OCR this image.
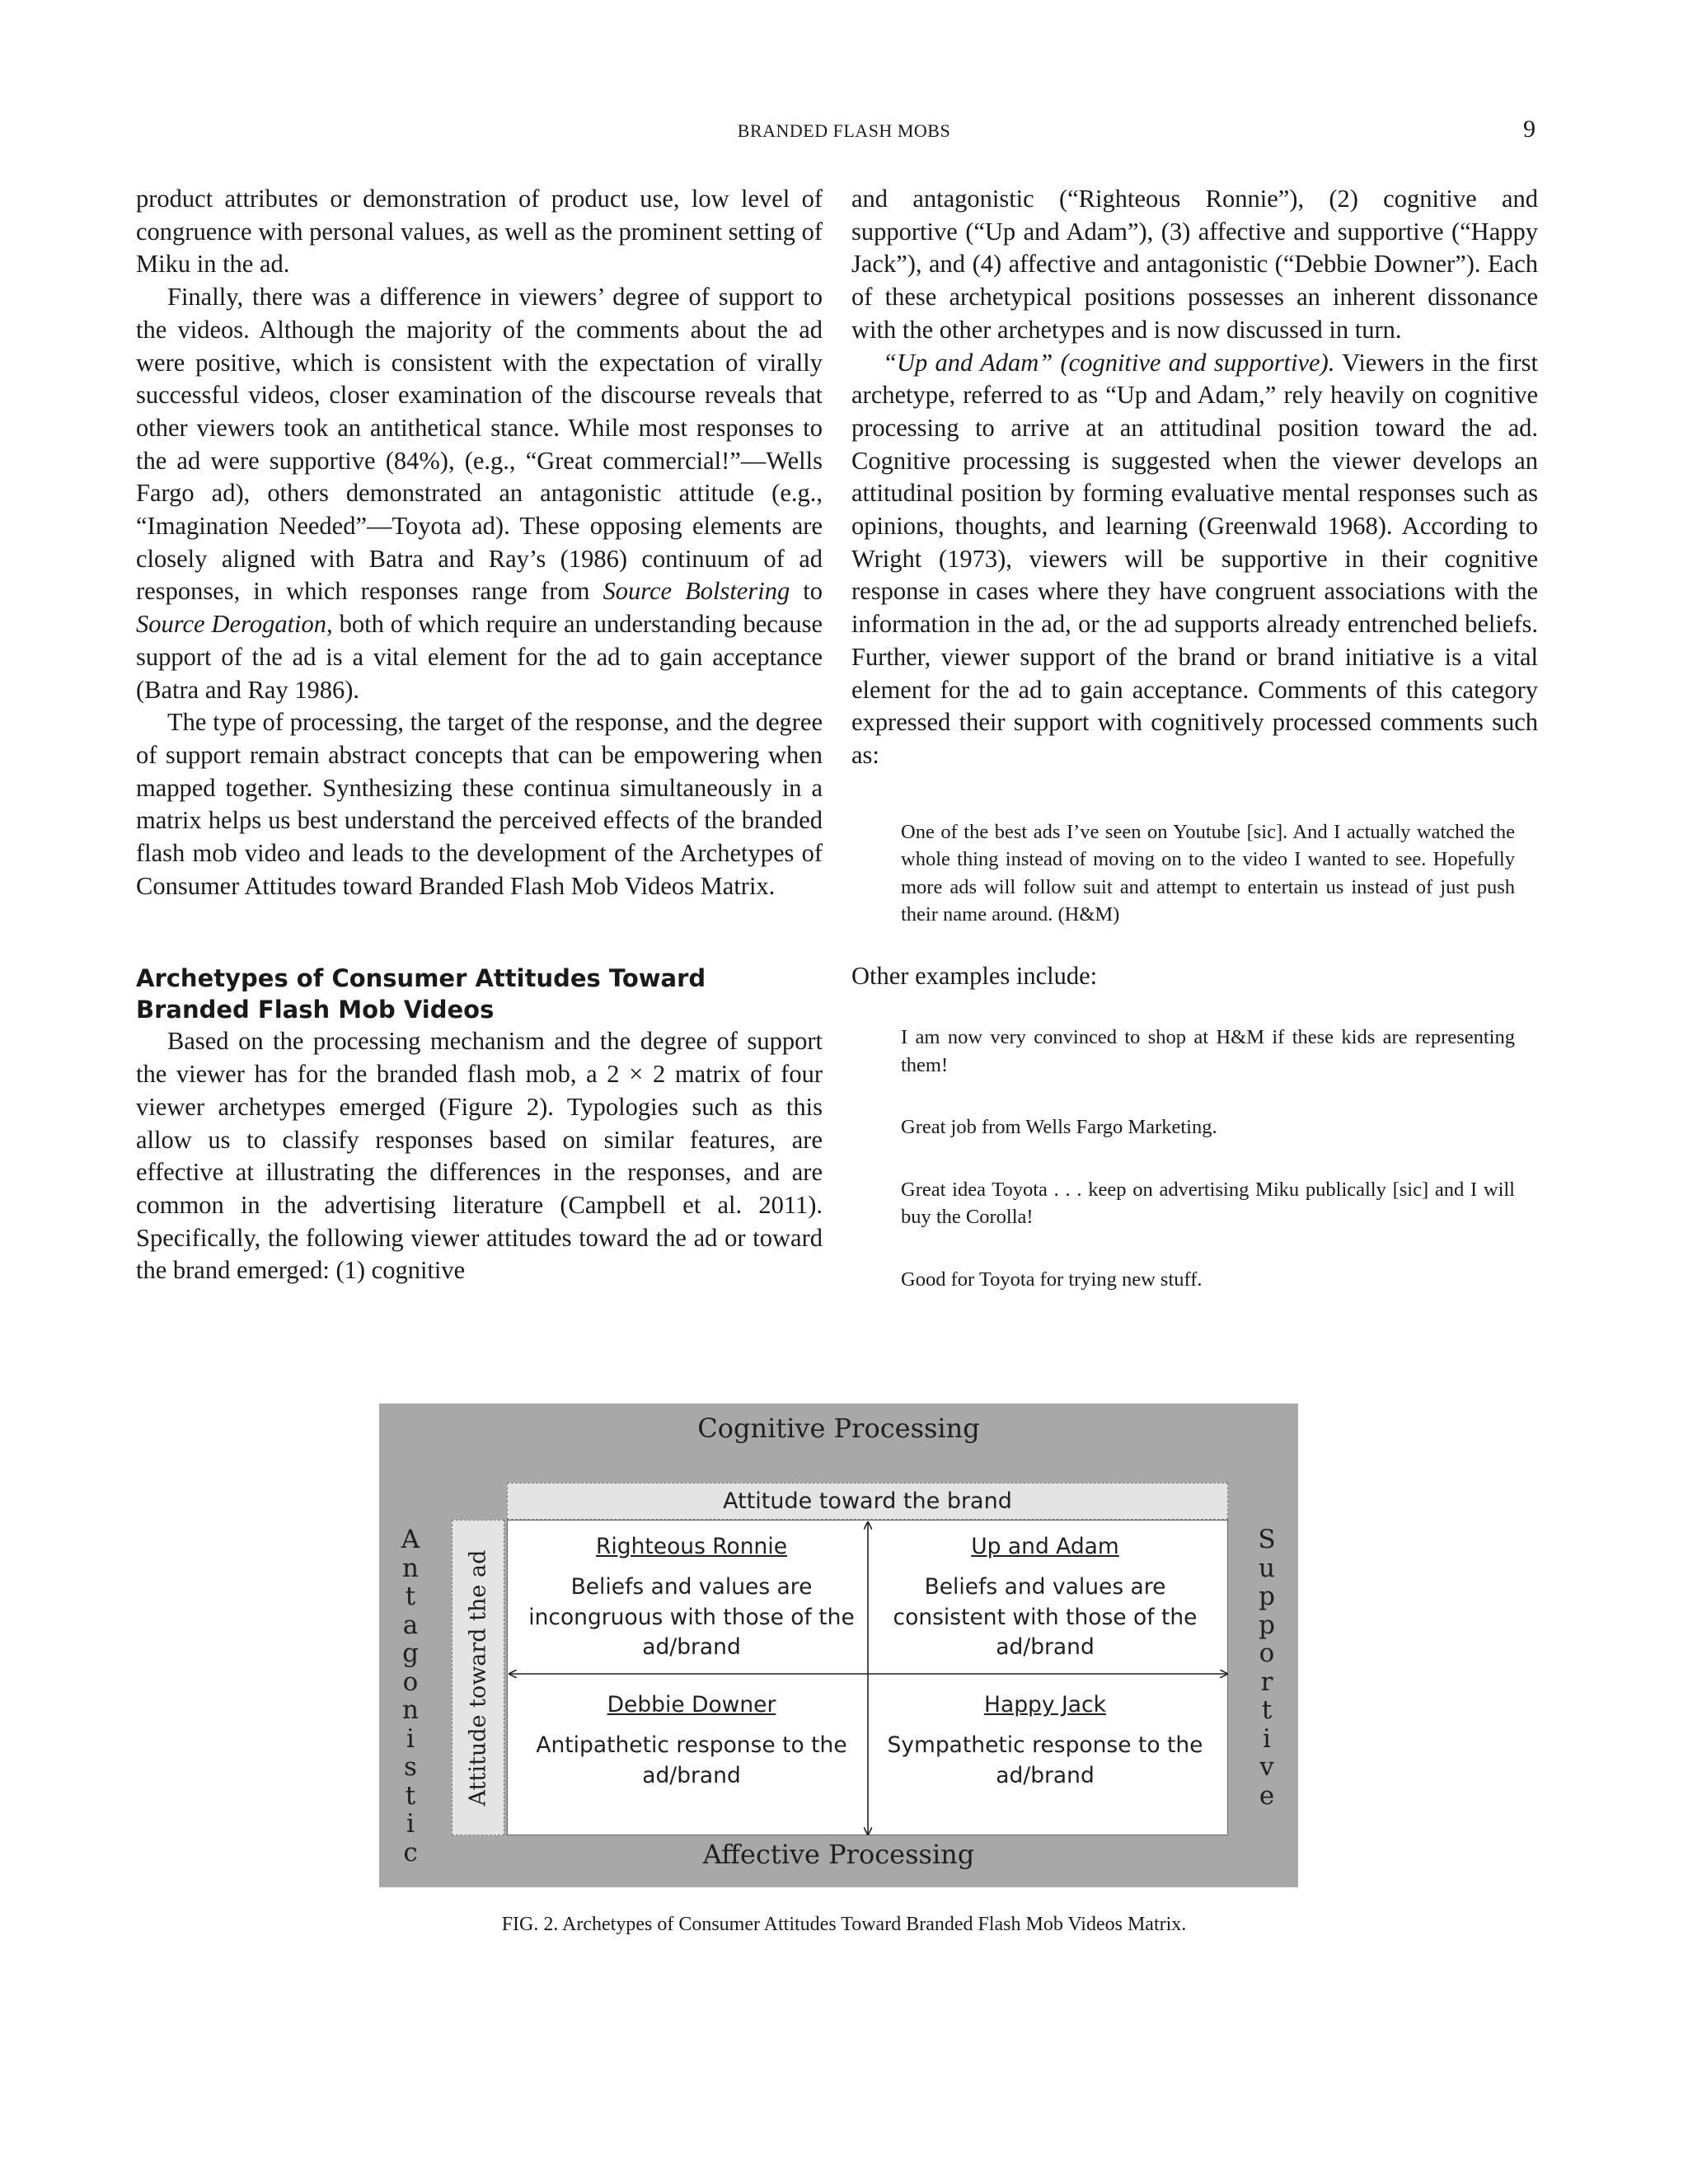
BRANDED FLASH MOBS	9

product attributes or demonstration of product use, low level of congruence with personal values, as well as the prominent setting of Miku in the ad.

Finally, there was a difference in viewers’ degree of support to the videos. Although the majority of the comments about the ad were positive, which is consistent with the expectation of virally successful videos, closer examination of the discourse reveals that other viewers took an antithetical stance. While most responses to the ad were supportive (84%), (e.g., “Great commercial!”—Wells Fargo ad), others demonstrated an antagonistic attitude (e.g., “Imagination Needed”—Toyota ad). These opposing elements are closely aligned with Batra and Ray’s (1986) continuum of ad responses, in which responses range from Source Bolstering to Source Derogation, both of which require an understanding because support of the ad is a vital element for the ad to gain acceptance (Batra and Ray 1986).

The type of processing, the target of the response, and the degree of support remain abstract concepts that can be empowering when mapped together. Synthesizing these continua simultaneously in a matrix helps us best understand the perceived effects of the branded flash mob video and leads to the development of the Archetypes of Consumer Attitudes toward Branded Flash Mob Videos Matrix.

Archetypes of Consumer Attitudes Toward Branded Flash Mob Videos

Based on the processing mechanism and the degree of support the viewer has for the branded flash mob, a 2 × 2 matrix of four viewer archetypes emerged (Figure 2). Typologies such as this allow us to classify responses based on similar features, are effective at illustrating the differences in the responses, and are common in the advertising literature (Campbell et al. 2011). Specifically, the following viewer attitudes toward the ad or toward the brand emerged: (1) cognitive

and antagonistic (“Righteous Ronnie”), (2) cognitive and supportive (“Up and Adam”), (3) affective and supportive (“Happy Jack”), and (4) affective and antagonistic (“Debbie Downer”). Each of these archetypical positions possesses an inherent dissonance with the other archetypes and is now discussed in turn.

“Up and Adam” (cognitive and supportive). Viewers in the first archetype, referred to as “Up and Adam,” rely heavily on cognitive processing to arrive at an attitudinal position toward the ad. Cognitive processing is suggested when the viewer develops an attitudinal position by forming evaluative mental responses such as opinions, thoughts, and learning (Greenwald 1968). According to Wright (1973), viewers will be supportive in their cognitive response in cases where they have congruent associations with the information in the ad, or the ad supports already entrenched beliefs. Further, viewer support of the brand or brand initiative is a vital element for the ad to gain acceptance. Comments of this category expressed their support with cognitively processed comments such as:

One of the best ads I’ve seen on Youtube [sic]. And I actually watched the whole thing instead of moving on to the video I wanted to see. Hopefully more ads will follow suit and attempt to entertain us instead of just push their name around. (H&M)

Other examples include:

I am now very convinced to shop at H&M if these kids are representing them!

Great job from Wells Fargo Marketing.

Great idea Toyota . . . keep on advertising Miku publically [sic] and I will buy the Corolla!

Good for Toyota for trying new stuff.

Cognitive Processing
A
n
t
a
g
o
n
i
s
t
i
c
S
u
p
p
o
r
t
i
v
e
Attitude toward the brand
Attitude toward the ad
Righteous Ronnie
Beliefs and values are incongruous with those of the ad/brand
Up and Adam
Beliefs and values are consistent with those of the ad/brand
Debbie Downer
Antipathetic response to the ad/brand
Happy Jack
Sympathetic response to the ad/brand
Affective Processing
FIG. 2. Archetypes of Consumer Attitudes Toward Branded Flash Mob Videos Matrix.
